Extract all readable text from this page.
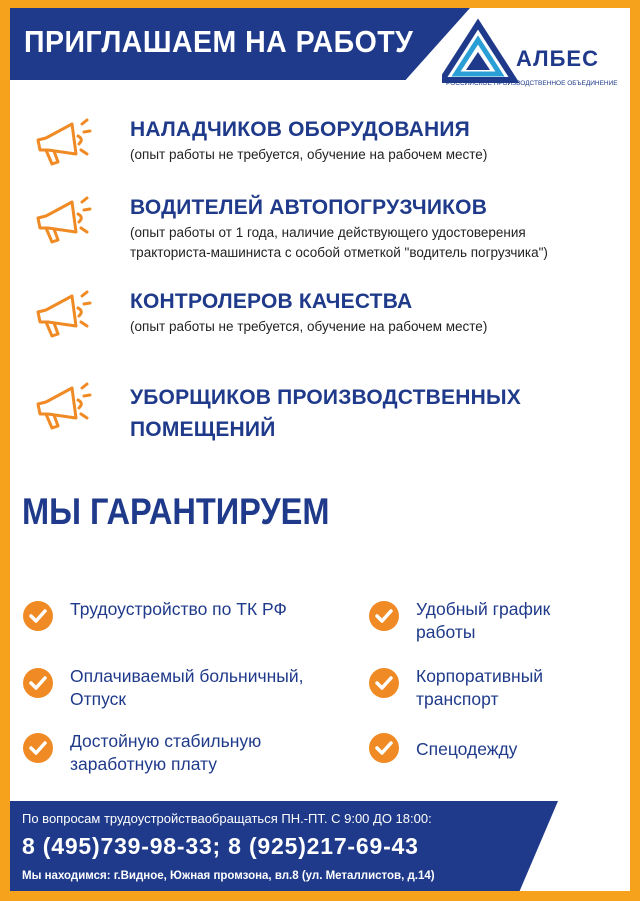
ПРИГЛАШАЕМ НА РАБОТУ	АЛБЕС
РОССИЙСКОЕ ПРОИЗВОДСТВЕННОЕ ОБЪЕДИНЕНИЕ
НАЛАДЧИКОВ ОБОРУДОВАНИЯ
(опыт работы не требуется, обучение на рабочем месте)
ВОДИТЕЛЕЙ АВТОПОГРУЗЧИКОВ
(опыт работы от 1 года, наличие действующего удостоверения
тракториста-машиниста с особой отметкой "водитель погрузчика")
КОНТРОЛЕРОВ КАЧЕСТВА
(опыт работы не требуется, обучение на рабочем месте)
УБОРЩИКОВ ПРОИЗВОДСТВЕННЫХ
ПОМЕЩЕНИЙ
МЫ ГАРАНТИРУЕМ
Трудоустройство по ТК РФ
Оплачиваемый больничный,
Отпуск
Достойную стабильную
заработную плату
Удобный график
работы
Корпоративный
транспорт
Спецодежду
По вопросам трудоустройстваобращаться ПН.-ПТ. С 9:00 ДО 18:00:
8 (495)739-98-33; 8 (925)217-69-43
Мы находимся: г.Видное, Южная промзона, вл.8 (ул. Металлистов, д.14)
